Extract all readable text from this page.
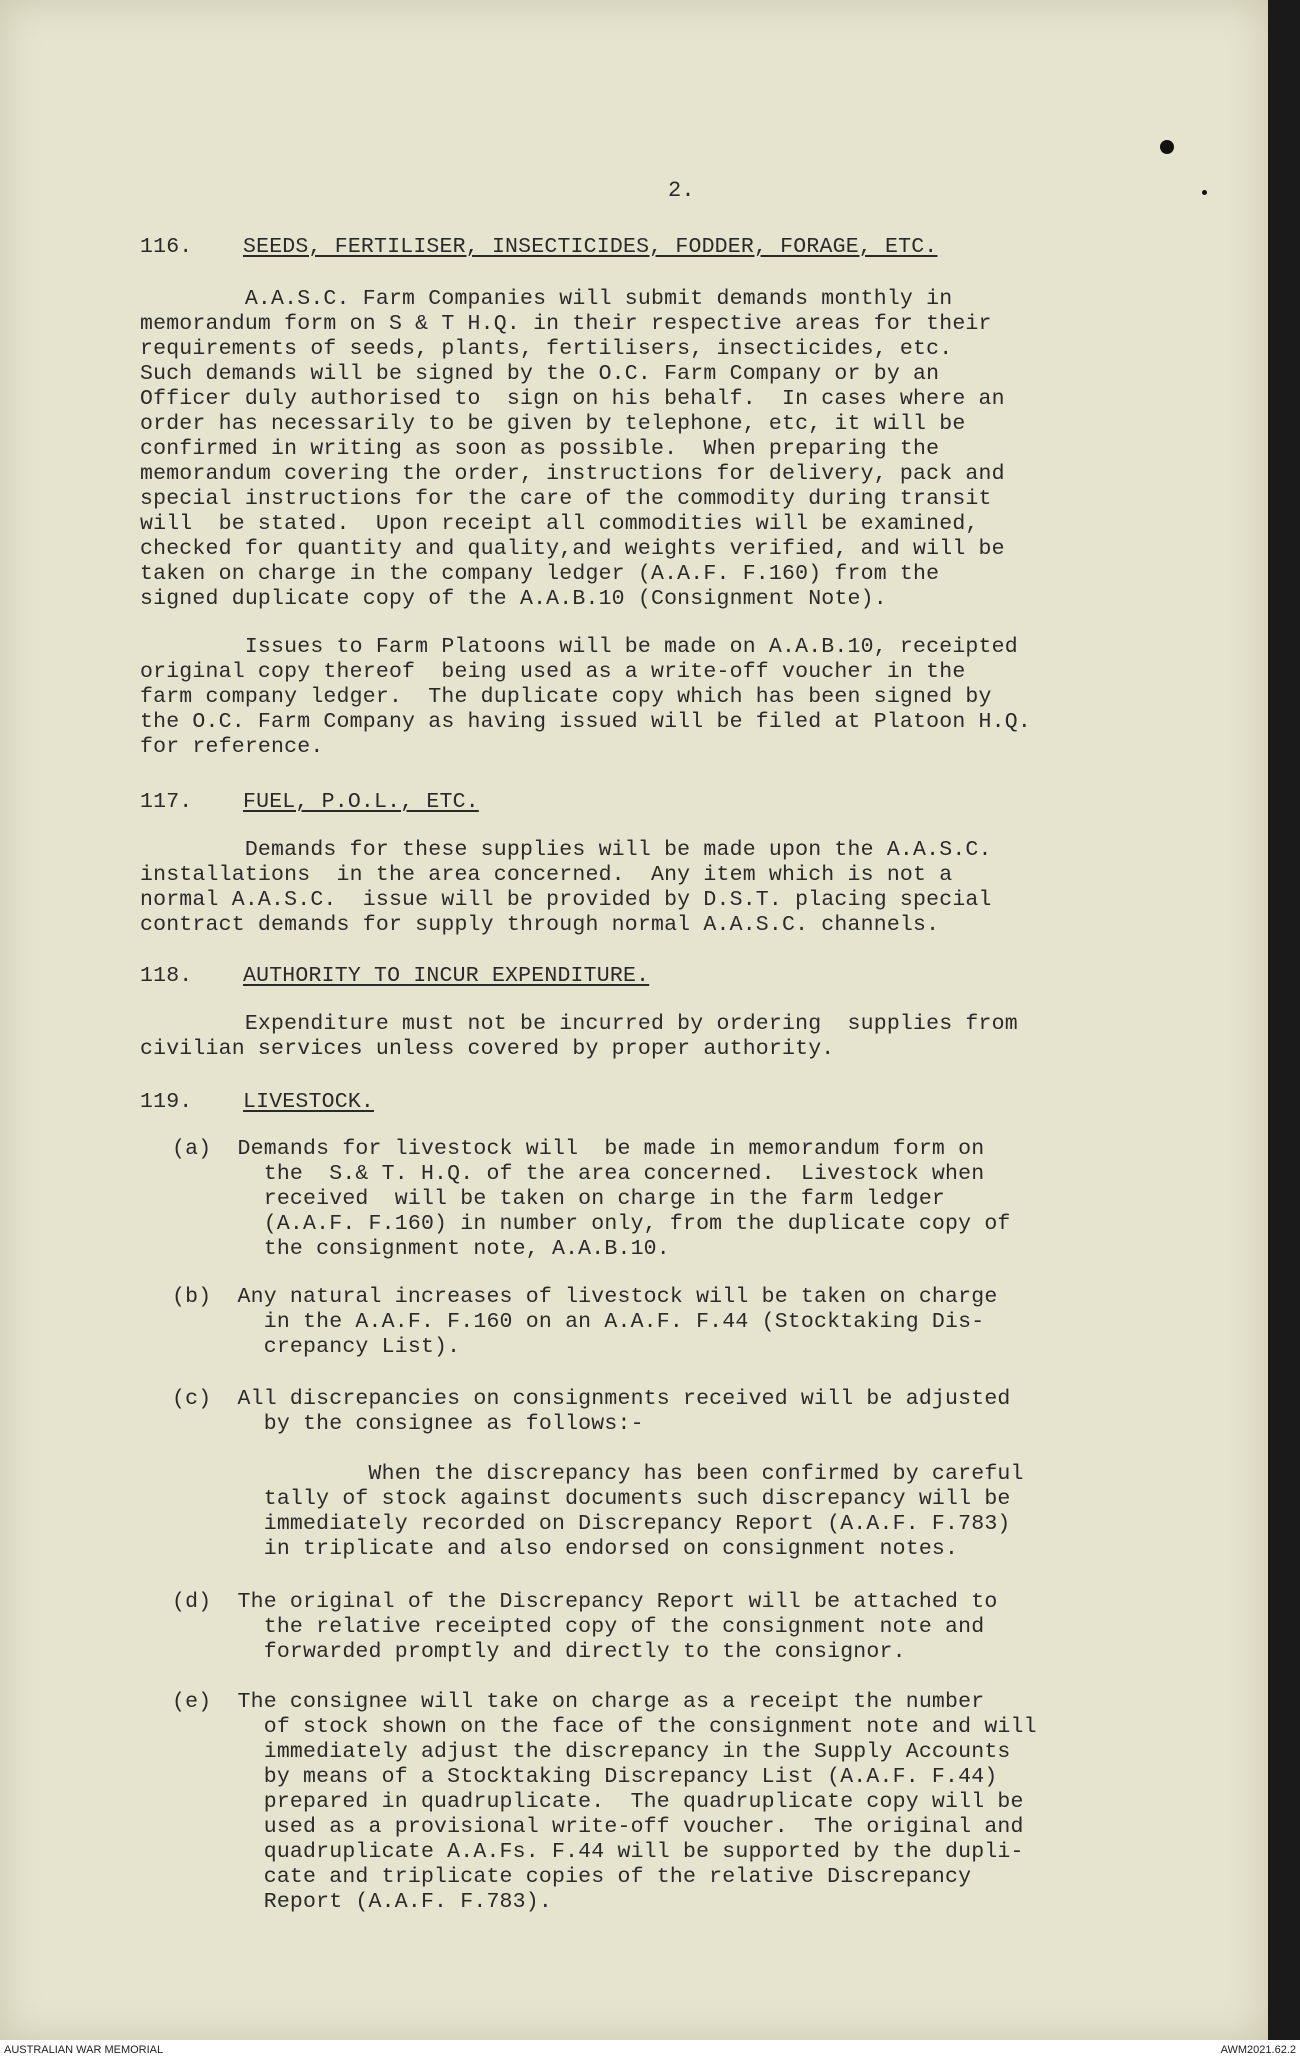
2.

116. SEEDS, FERTILISER, INSECTICIDES, FODDER, FORAGE, ETC.

A.A.S.C. Farm Companies will submit demands monthly in
memorandum form on S & T H.Q. in their respective areas for their
requirements of seeds, plants, fertilisers, insecticides, etc.
Such demands will be signed by the O.C. Farm Company or by an
Officer duly authorised to  sign on his behalf.  In cases where an
order has necessarily to be given by telephone, etc, it will be
confirmed in writing as soon as possible.  When preparing the
memorandum covering the order, instructions for delivery, pack and
special instructions for the care of the commodity during transit
will  be stated.  Upon receipt all commodities will be examined,
checked for quantity and quality,and weights verified, and will be
taken on charge in the company ledger (A.A.F. F.160) from the
signed duplicate copy of the A.A.B.10 (Consignment Note).

Issues to Farm Platoons will be made on A.A.B.10, receipted
original copy thereof  being used as a write-off voucher in the
farm company ledger.  The duplicate copy which has been signed by
the O.C. Farm Company as having issued will be filed at Platoon H.Q.
for reference.

117. FUEL, P.O.L., ETC.

Demands for these supplies will be made upon the A.A.S.C.
installations  in the area concerned.  Any item which is not a
normal A.A.S.C.  issue will be provided by D.S.T. placing special
contract demands for supply through normal A.A.S.C. channels.

118. AUTHORITY TO INCUR EXPENDITURE.

Expenditure must not be incurred by ordering  supplies from
civilian services unless covered by proper authority.

119. LIVESTOCK.

(a)  Demands for livestock will  be made in memorandum form on
the  S.& T. H.Q. of the area concerned.  Livestock when
received  will be taken on charge in the farm ledger
(A.A.F. F.160) in number only, from the duplicate copy of
the consignment note, A.A.B.10.

(b)  Any natural increases of livestock will be taken on charge
in the A.A.F. F.160 on an A.A.F. F.44 (Stocktaking Dis-
crepancy List).

(c)  All discrepancies on consignments received will be adjusted
by the consignee as follows:-

When the discrepancy has been confirmed by careful
tally of stock against documents such discrepancy will be
immediately recorded on Discrepancy Report (A.A.F. F.783)
in triplicate and also endorsed on consignment notes.

(d)  The original of the Discrepancy Report will be attached to
the relative receipted copy of the consignment note and
forwarded promptly and directly to the consignor.

(e)  The consignee will take on charge as a receipt the number
of stock shown on the face of the consignment note and will
immediately adjust the discrepancy in the Supply Accounts
by means of a Stocktaking Discrepancy List (A.A.F. F.44)
prepared in quadruplicate.  The quadruplicate copy will be
used as a provisional write-off voucher.  The original and
quadruplicate A.A.Fs. F.44 will be supported by the dupli-
cate and triplicate copies of the relative Discrepancy
Report (A.A.F. F.783).

AUSTRALIAN WAR MEMORIAL	AWM2021.62.2
